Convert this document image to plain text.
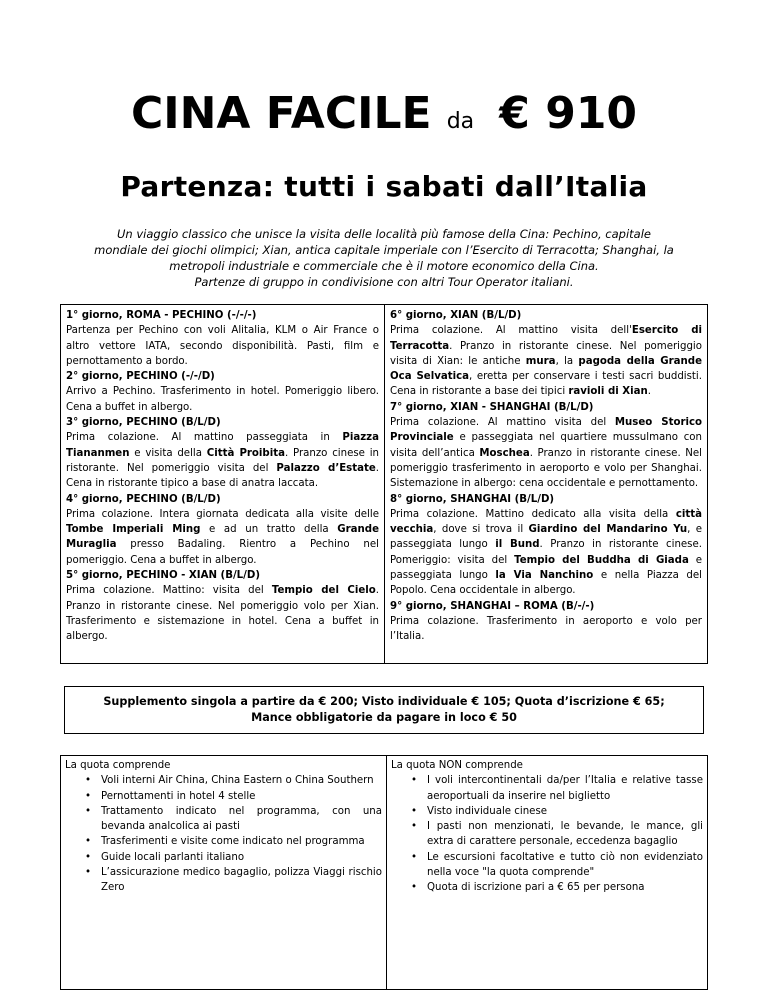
CINA FACILE da € 910
Partenza: tutti i sabati dall’Italia
Un viaggio classico che unisce la visita delle località più famose della Cina: Pechino, capitale mondiale dei giochi olimpici; Xian, antica capitale imperiale con l’Esercito di Terracotta; Shanghai, la metropoli industriale e commerciale che è il motore economico della Cina.
Partenze di gruppo in condivisione con altri Tour Operator italiani.

1° giorno, ROMA - PECHINO (-/-/-)

Partenza per Pechino con voli Alitalia, KLM o Air France o altro vettore IATA, secondo disponibilità. Pasti, film e pernottamento a bordo.

2° giorno, PECHINO (-/-/D)

Arrivo a Pechino. Trasferimento in hotel. Pomeriggio libero. Cena a buffet in albergo.

3° giorno, PECHINO (B/L/D)

Prima colazione. Al mattino passeggiata in Piazza Tiananmen e visita della Città Proibita. Pranzo cinese in ristorante. Nel pomeriggio visita del Palazzo d’Estate. Cena in ristorante tipico a base di anatra laccata.

4° giorno, PECHINO (B/L/D)

Prima colazione. Intera giornata dedicata alla visite delle Tombe Imperiali Ming e ad un tratto della Grande Muraglia presso Badaling. Rientro a Pechino nel pomeriggio. Cena a buffet in albergo.

5° giorno, PECHINO - XIAN (B/L/D)

Prima colazione. Mattino: visita del Tempio del Cielo. Pranzo in ristorante cinese. Nel pomeriggio volo per Xian. Trasferimento e sistemazione in hotel. Cena a buffet in albergo.

6° giorno, XIAN (B/L/D)

Prima colazione. Al mattino visita dell'Esercito di Terracotta. Pranzo in ristorante cinese. Nel pomeriggio visita di Xian: le antiche mura, la pagoda della Grande Oca Selvatica, eretta per conservare i testi sacri buddisti. Cena in ristorante a base dei tipici ravioli di Xian.

7° giorno, XIAN - SHANGHAI (B/L/D)

Prima colazione. Al mattino visita del Museo Storico Provinciale e passeggiata nel quartiere mussulmano con visita dell’antica Moschea. Pranzo in ristorante cinese. Nel pomeriggio trasferimento in aeroporto e volo per Shanghai. Sistemazione in albergo: cena occidentale e pernottamento.

8° giorno, SHANGHAI (B/L/D)

Prima colazione. Mattino dedicato alla visita della città vecchia, dove si trova il Giardino del Mandarino Yu, e passeggiata lungo il Bund. Pranzo in ristorante cinese. Pomeriggio: visita del Tempio del Buddha di Giada e passeggiata lungo la Via Nanchino e nella Piazza del Popolo. Cena occidentale in albergo.

9° giorno, SHANGHAI – ROMA (B/-/-)

Prima colazione. Trasferimento in aeroporto e volo per l’Italia.

Supplemento singola a partire da € 200; Visto individuale € 105; Quota d’iscrizione € 65;
Mance obbligatorie da pagare in loco € 50

La quota comprende

• Voli interni Air China, China Eastern o China Southern
• Pernottamenti in hotel 4 stelle
• Trattamento indicato nel programma, con una bevanda analcolica ai pasti
• Trasferimenti e visite come indicato nel programma
• Guide locali parlanti italiano
• L’assicurazione medico bagaglio, polizza Viaggi rischio Zero

La quota NON comprende

• I voli intercontinentali da/per l’Italia e relative tasse aeroportuali da inserire nel biglietto
• Visto individuale cinese
• I pasti non menzionati, le bevande, le mance, gli extra di carattere personale, eccedenza bagaglio
• Le escursioni facoltative e tutto ciò non evidenziato nella voce "la quota comprende"
• Quota di iscrizione pari a € 65 per persona
